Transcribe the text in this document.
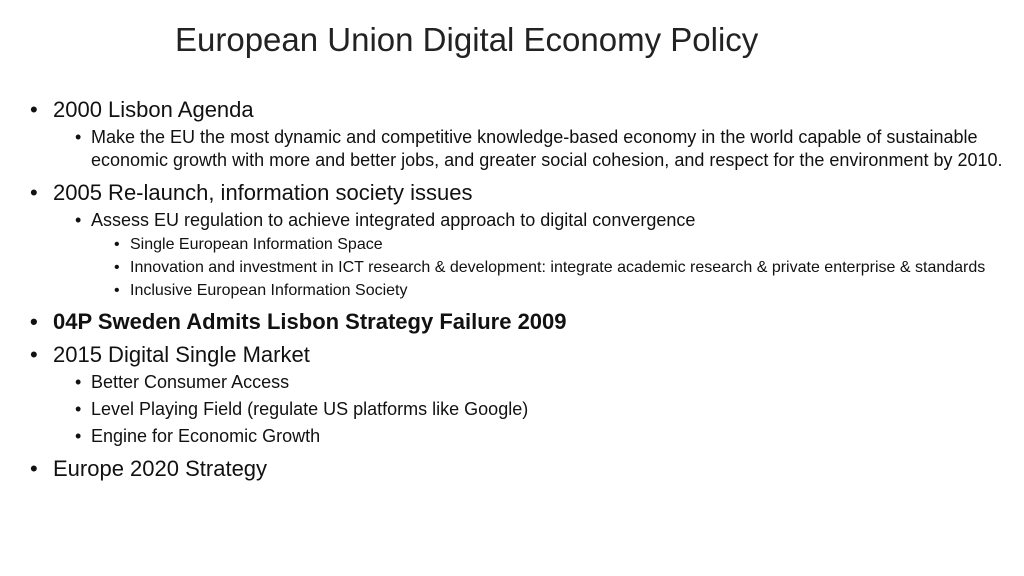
European Union Digital Economy Policy
• 2000 Lisbon Agenda
• Make the EU the most dynamic and competitive knowledge-based economy in the world capable of sustainable economic growth with more and better jobs, and greater social cohesion, and respect for the environment by 2010.
• 2005 Re-launch, information society issues
• Assess EU regulation to achieve integrated approach to digital convergence
• Single European Information Space
• Innovation and investment in ICT research & development: integrate academic research & private enterprise & standards
• Inclusive European Information Society
• 04P Sweden Admits Lisbon Strategy Failure 2009
• 2015 Digital Single Market
• Better Consumer Access
• Level Playing Field (regulate US platforms like Google)
• Engine for Economic Growth
• Europe 2020 Strategy
